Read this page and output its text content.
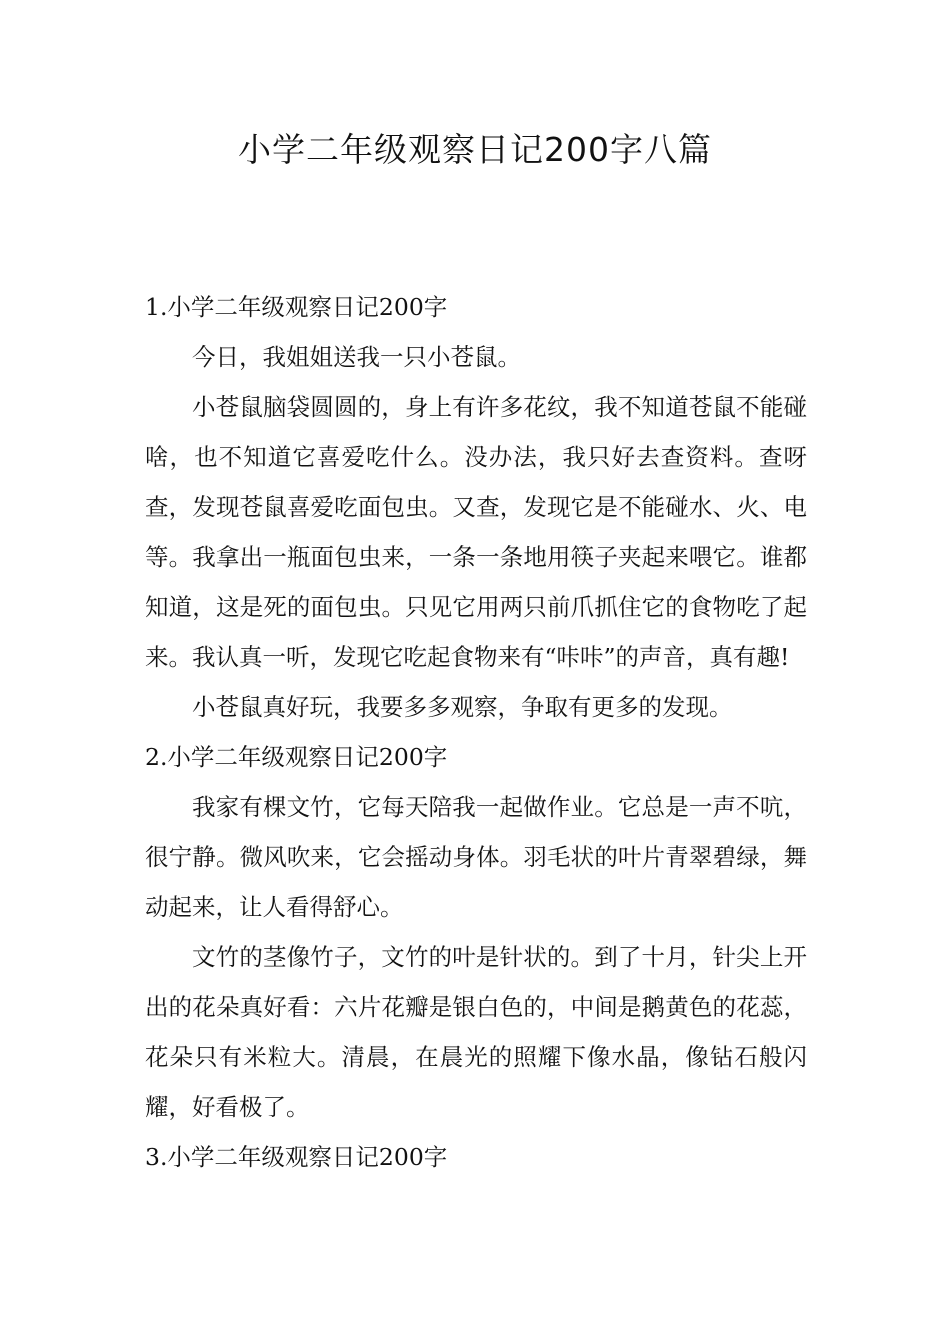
小学二年级观察日记200字八篇
1.小学二年级观察日记200字

今日，我姐姐送我一只小苍鼠。

小苍鼠脑袋圆圆的，身上有许多花纹，我不知道苍鼠不能碰啥，也不知道它喜爱吃什么。没办法，我只好去查资料。查呀查，发现苍鼠喜爱吃面包虫。又查，发现它是不能碰水、火、电等。我拿出一瓶面包虫来，一条一条地用筷子夹起来喂它。谁都知道，这是死的面包虫。只见它用两只前爪抓住它的食物吃了起来。我认真一听，发现它吃起食物来有“咔咔”的声音，真有趣!

小苍鼠真好玩，我要多多观察，争取有更多的发现。

2.小学二年级观察日记200字

我家有棵文竹，它每天陪我一起做作业。它总是一声不吭，很宁静。微风吹来，它会摇动身体。羽毛状的叶片青翠碧绿，舞动起来，让人看得舒心。

文竹的茎像竹子，文竹的叶是针状的。到了十月，针尖上开出的花朵真好看：六片花瓣是银白色的，中间是鹅黄色的花蕊，花朵只有米粒大。清晨，在晨光的照耀下像水晶，像钻石般闪耀，好看极了。

3.小学二年级观察日记200字
